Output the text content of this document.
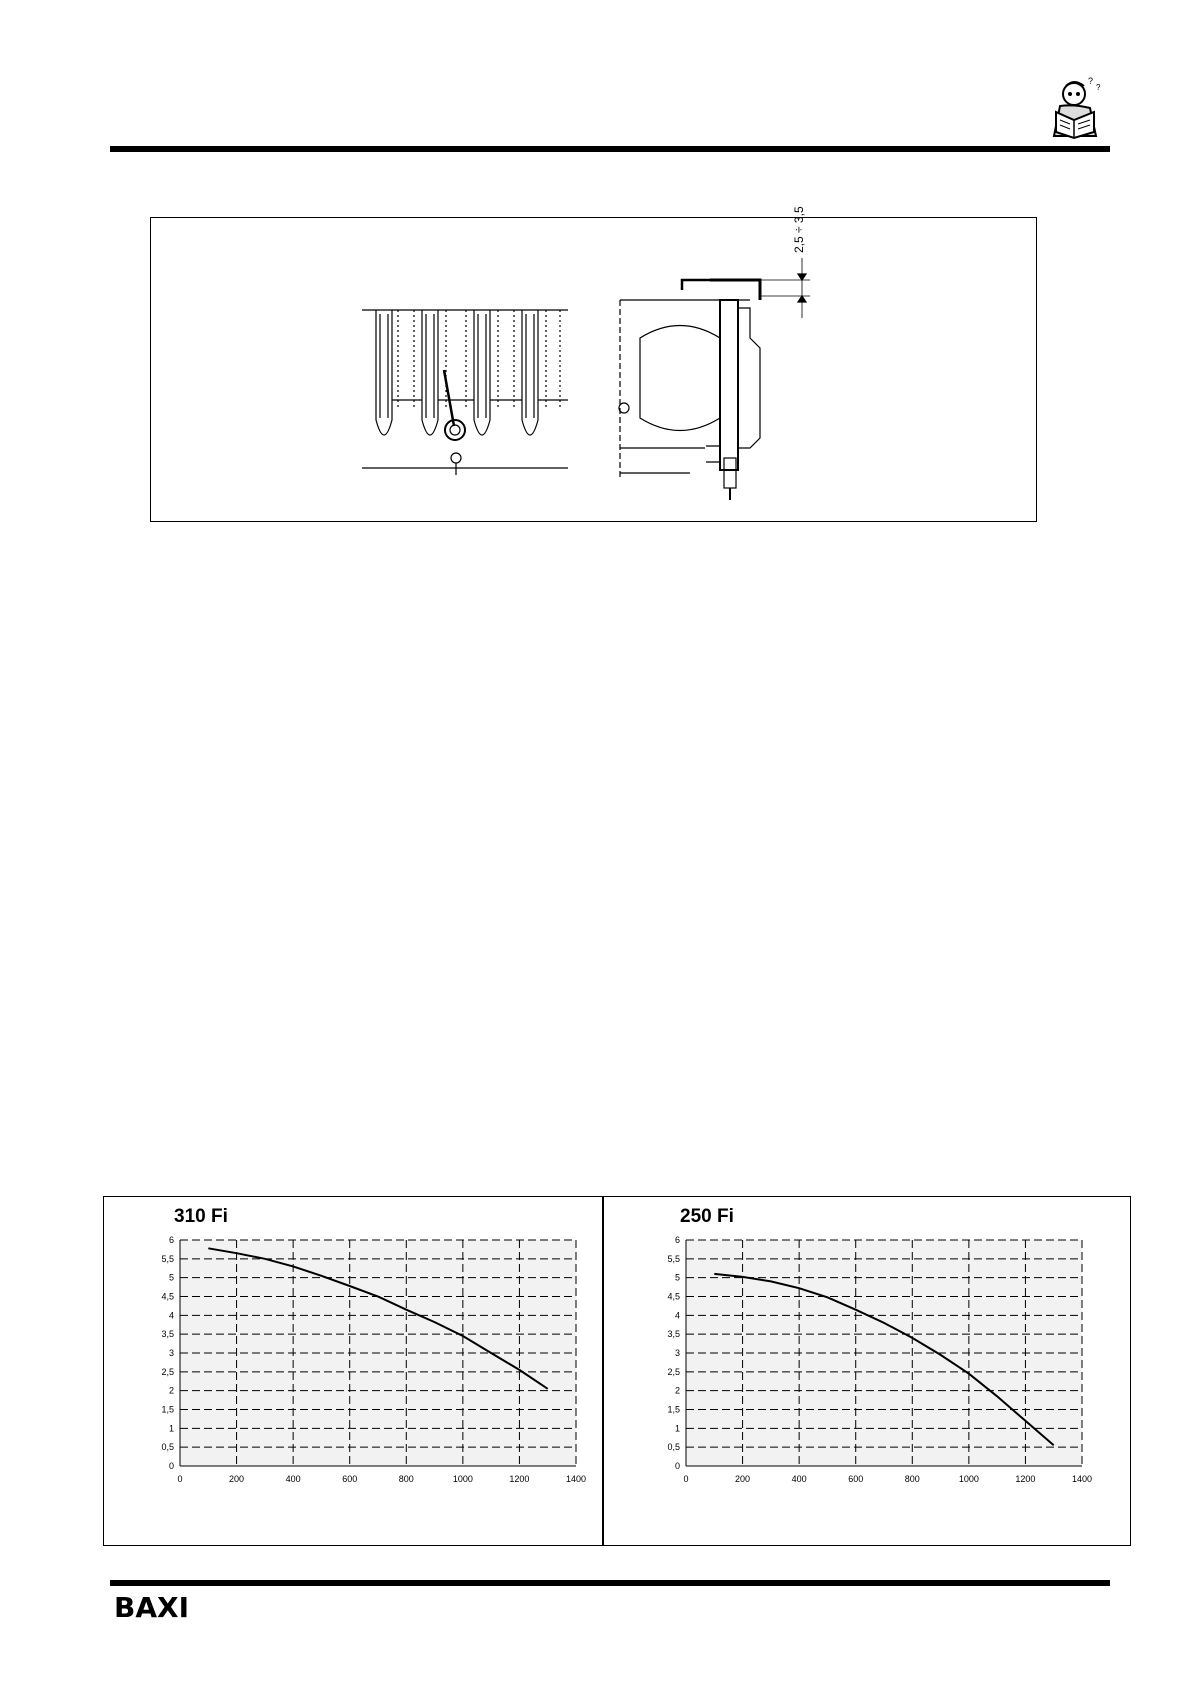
?
?
2,5 ÷ 3,5
310 Fi	250 Fi
0
0,5
1
1,5
2
2,5
3
3,5
4
4,5
5
5,5
6
0	200	400	600	800	1000	1200	1400
0
0,5
1
1,5
2
2,5
3
3,5
4
4,5
5
5,5
6
0	200	400	600	800	1000	1200	1400
BAXI
